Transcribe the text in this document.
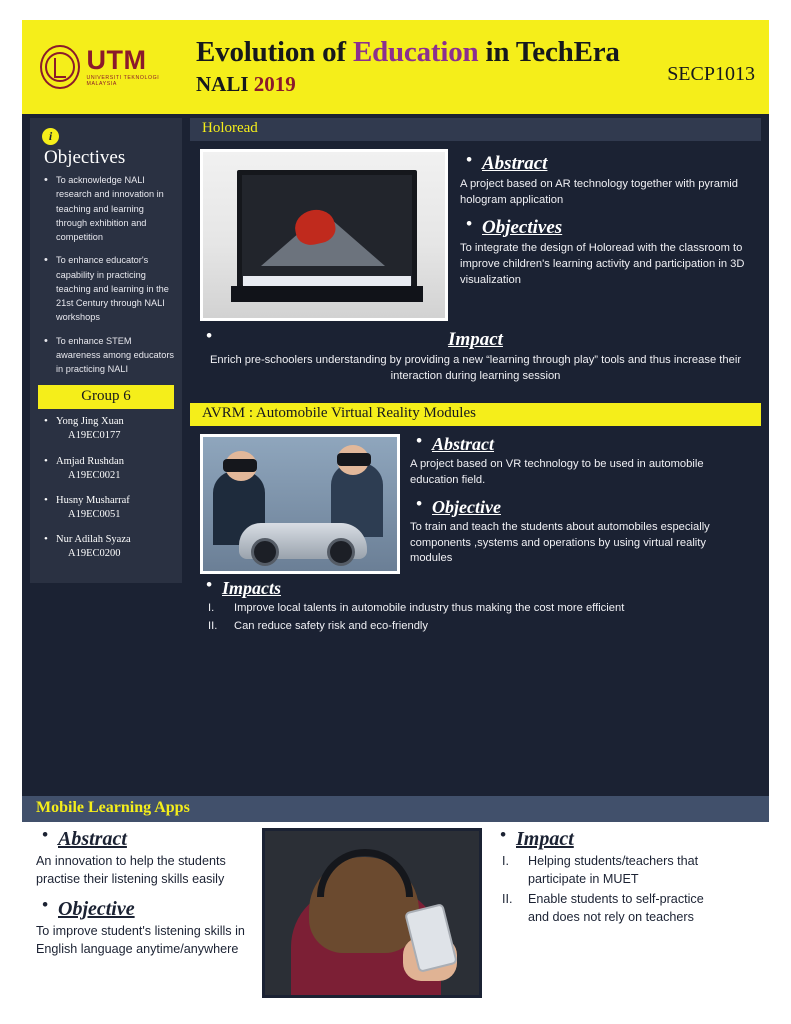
UTM
UNIVERSITI TEKNOLOGI MALAYSIA
Evolution of Education in TechEra
NALI 2019	SECP1013
i
Objectives
• To acknowledge NALI research and innovation in teaching and learning through exhibition and competition
• To enhance educator's capability in practicing teaching and learning in the 21st Century through NALI workshops
• To enhance STEM awareness among educators in practicing NALI
Group 6
• Yong Jing Xuan
A19EC0177
• Amjad Rushdan
A19EC0021
• Husny Musharraf
A19EC0051
• Nur Adilah Syaza
A19EC0200
Holoread
• Abstract
A project based on AR technology together with pyramid hologram application
• Objectives
To integrate the design of Holoread with the classroom to improve children's learning activity and participation in 3D visualization
• Impact
Enrich pre-schoolers understanding by providing a new “learning through play” tools and thus increase their interaction during learning session
AVRM : Automobile Virtual Reality Modules
• Abstract
A project based on VR technology to be used in automobile education field.
• Objective
To train and teach the students about automobiles especially components ,systems and operations by using virtual reality modules
• Impacts
I. Improve local talents in automobile industry thus making the cost more efficient
II. Can reduce safety risk and eco-friendly
Mobile Learning Apps
• Abstract
An innovation to help the students practise their listening skills easily
• Objective
To improve student's listening skills in English language anytime/anywhere
• Impact
I. Helping students/teachers that participate in MUET
II. Enable students to self-practice and does not rely on teachers
